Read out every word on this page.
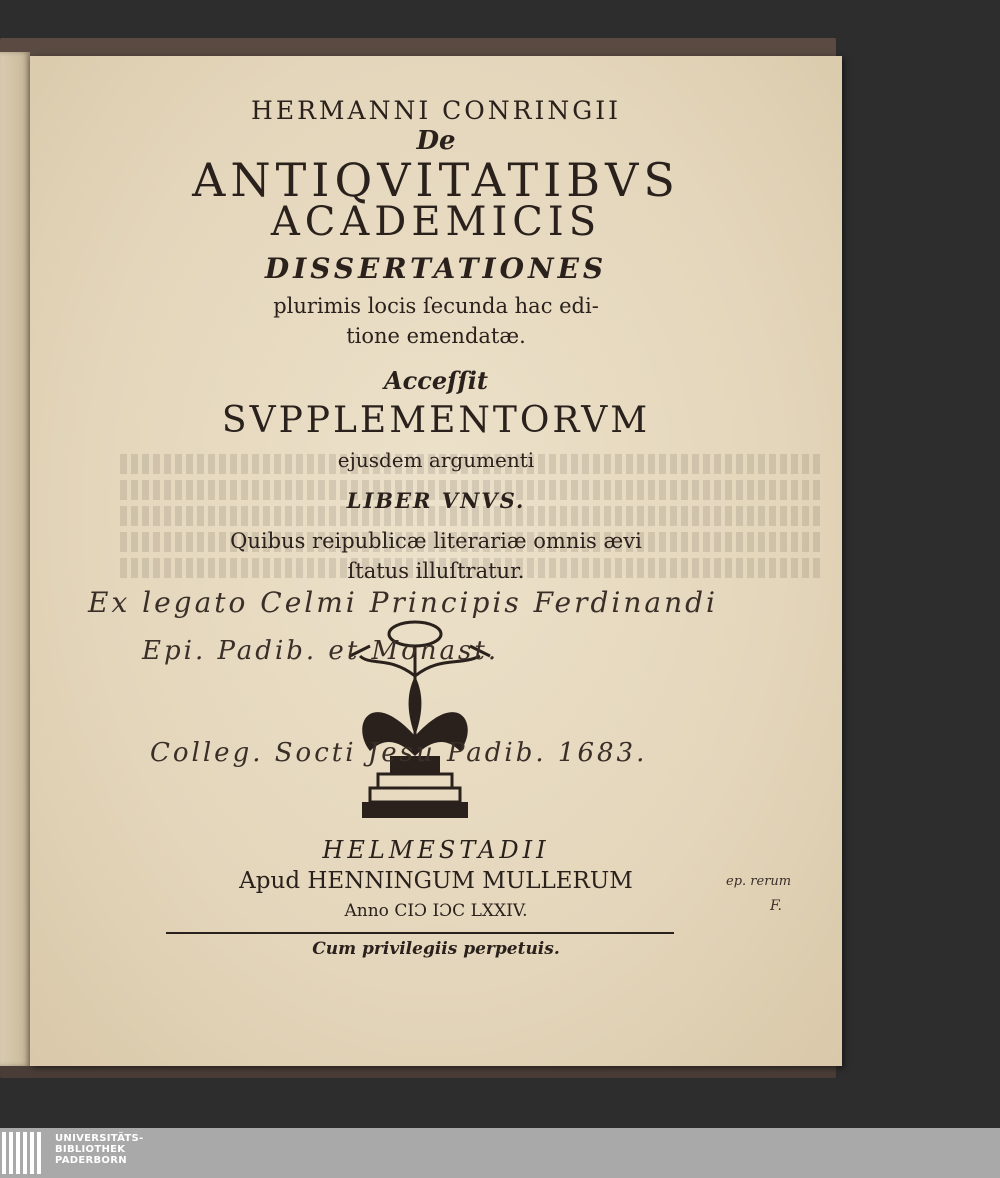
HERMANNI CONRINGII
De
ANTIQVITATIBVS
ACADEMICIS
DISSERTATIONES
plurimis locis ſecunda hac edi-
tione emendatæ.
Acceſſit
SVPPLEMENTORVM
ejusdem argumenti
LIBER VNVS.
Quibus reipublicæ literariæ omnis ævi
ſtatus illuſtratur.
Ex legato Celmi Principis Ferdinandi
Epi. Padib. et Monast.
Colleg. Socti Jesu Padib. 1683.
HELMESTADII
Apud HENNINGUM MULLERUM
Anno CIƆ IƆC LXXIV.
Cum privilegiis perpetuis.
ep. rerum
F.
UNIVERSITÄTS-
BIBLIOTHEK
PADERBORN
